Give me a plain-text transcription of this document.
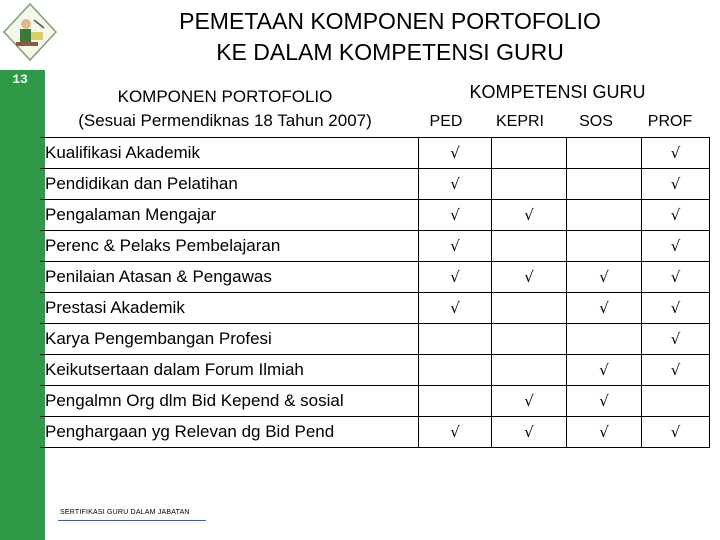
13
PEMETAAN KOMPONEN PORTOFOLIO
KE DALAM KOMPETENSI GURU
KOMPONEN PORTOFOLIO
(Sesuai Permendiknas 18 Tahun 2007)
KOMPETENSI GURU
PED	KEPRI	SOS	PROF
Kualifikasi Akademik	√			√
Pendidikan dan Pelatihan	√			√
Pengalaman Mengajar	√	√		√
Perenc & Pelaks Pembelajaran	√			√
Penilaian Atasan & Pengawas	√	√	√	√
Prestasi Akademik	√		√	√
Karya Pengembangan Profesi				√
Keikutsertaan dalam Forum Ilmiah			√	√
Pengalmn Org dlm Bid Kepend & sosial		√	√	
Penghargaan yg Relevan dg Bid Pend	√	√	√	√
SERTIFIKASI GURU DALAM JABATAN
